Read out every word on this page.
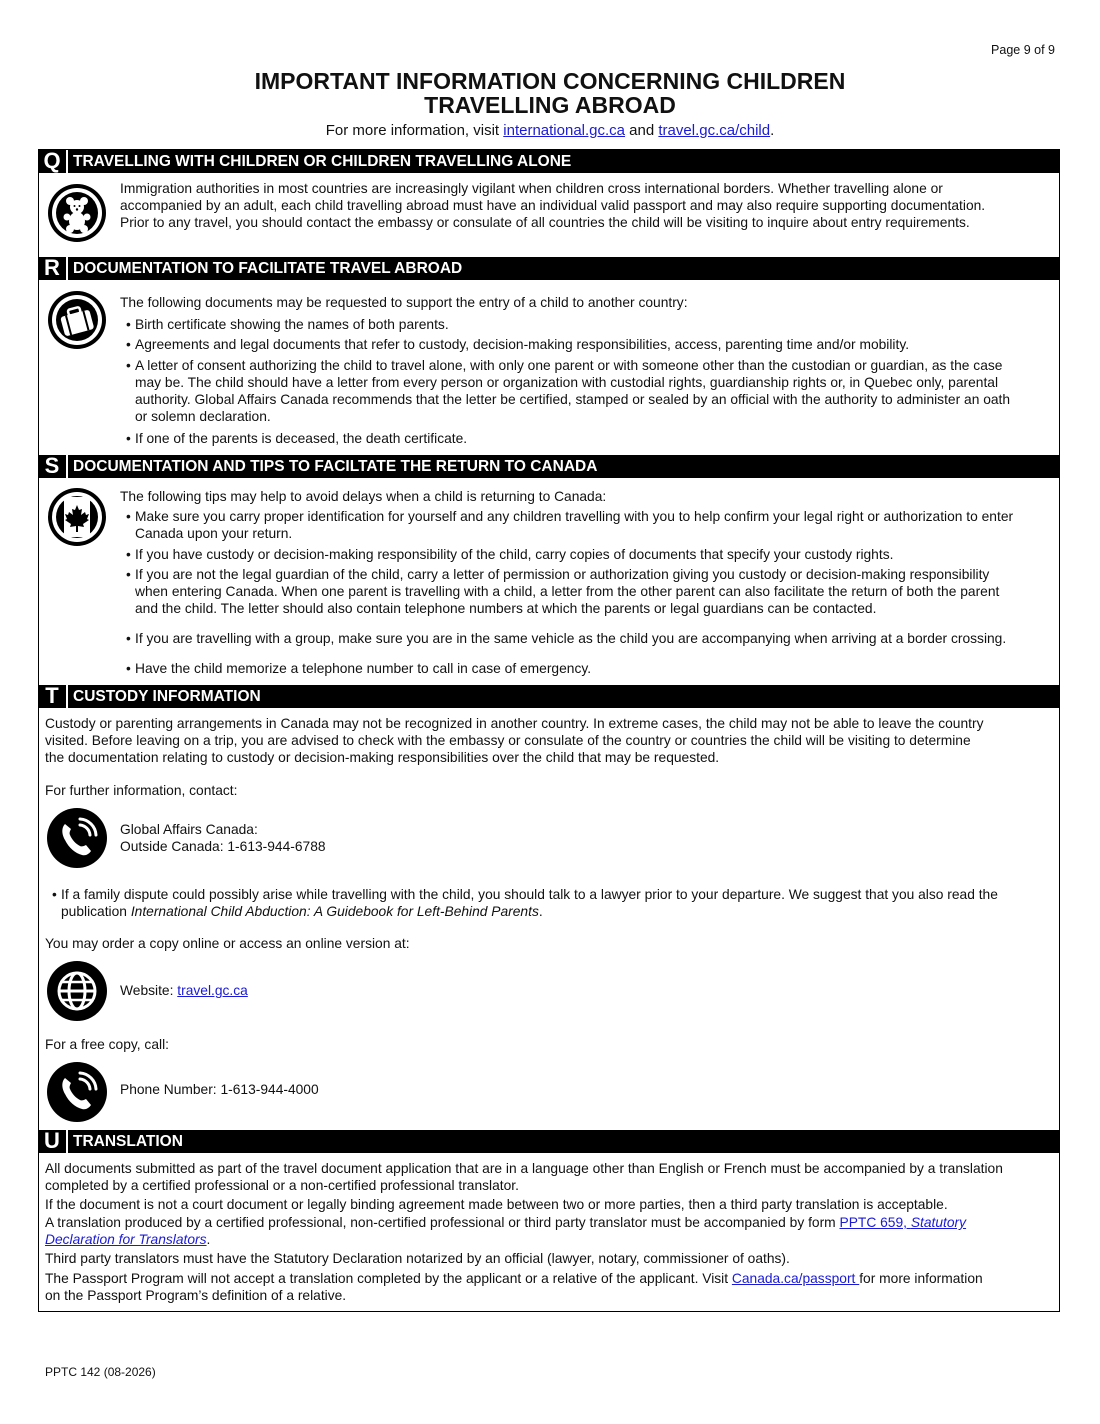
Page 9 of 9
IMPORTANT INFORMATION CONCERNING CHILDREN
TRAVELLING ABROAD
For more information, visit international.gc.ca and travel.gc.ca/child.
Q TRAVELLING WITH CHILDREN OR CHILDREN TRAVELLING ALONE
Immigration authorities in most countries are increasingly vigilant when children cross international borders. Whether travelling alone or
accompanied by an adult, each child travelling abroad must have an individual valid passport and may also require supporting documentation.
Prior to any travel, you should contact the embassy or consulate of all countries the child will be visiting to inquire about entry requirements.
R DOCUMENTATION TO FACILITATE TRAVEL ABROAD
The following documents may be requested to support the entry of a child to another country:
• Birth certificate showing the names of both parents.
• Agreements and legal documents that refer to custody, decision-making responsibilities, access, parenting time and/or mobility.
• A letter of consent authorizing the child to travel alone, with only one parent or with someone other than the custodian or guardian, as the case
may be. The child should have a letter from every person or organization with custodial rights, guardianship rights or, in Quebec only, parental
authority. Global Affairs Canada recommends that the letter be certified, stamped or sealed by an official with the authority to administer an oath
or solemn declaration.
• If one of the parents is deceased, the death certificate.
S DOCUMENTATION AND TIPS TO FACILTATE THE RETURN TO CANADA
The following tips may help to avoid delays when a child is returning to Canada:
• Make sure you carry proper identification for yourself and any children travelling with you to help confirm your legal right or authorization to enter
Canada upon your return.
• If you have custody or decision-making responsibility of the child, carry copies of documents that specify your custody rights.
• If you are not the legal guardian of the child, carry a letter of permission or authorization giving you custody or decision-making responsibility
when entering Canada. When one parent is travelling with a child, a letter from the other parent can also facilitate the return of both the parent
and the child. The letter should also contain telephone numbers at which the parents or legal guardians can be contacted.
• If you are travelling with a group, make sure you are in the same vehicle as the child you are accompanying when arriving at a border crossing.
• Have the child memorize a telephone number to call in case of emergency.
T CUSTODY INFORMATION
Custody or parenting arrangements in Canada may not be recognized in another country. In extreme cases, the child may not be able to leave the country
visited. Before leaving on a trip, you are advised to check with the embassy or consulate of the country or countries the child will be visiting to determine
the documentation relating to custody or decision-making responsibilities over the child that may be requested.
For further information, contact:
Global Affairs Canada:
Outside Canada: 1-613-944-6788
• If a family dispute could possibly arise while travelling with the child, you should talk to a lawyer prior to your departure. We suggest that you also read the
publication International Child Abduction: A Guidebook for Left-Behind Parents.
You may order a copy online or access an online version at:
Website: travel.gc.ca
For a free copy, call:
Phone Number: 1-613-944-4000
U TRANSLATION
All documents submitted as part of the travel document application that are in a language other than English or French must be accompanied by a translation
completed by a certified professional or a non-certified professional translator.
If the document is not a court document or legally binding agreement made between two or more parties, then a third party translation is acceptable.
A translation produced by a certified professional, non-certified professional or third party translator must be accompanied by form PPTC 659, Statutory
Declaration for Translators.
Third party translators must have the Statutory Declaration notarized by an official (lawyer, notary, commissioner of oaths).
The Passport Program will not accept a translation completed by the applicant or a relative of the applicant. Visit Canada.ca/passport for more information
on the Passport Program’s definition of a relative.
PPTC 142 (08-2026)
